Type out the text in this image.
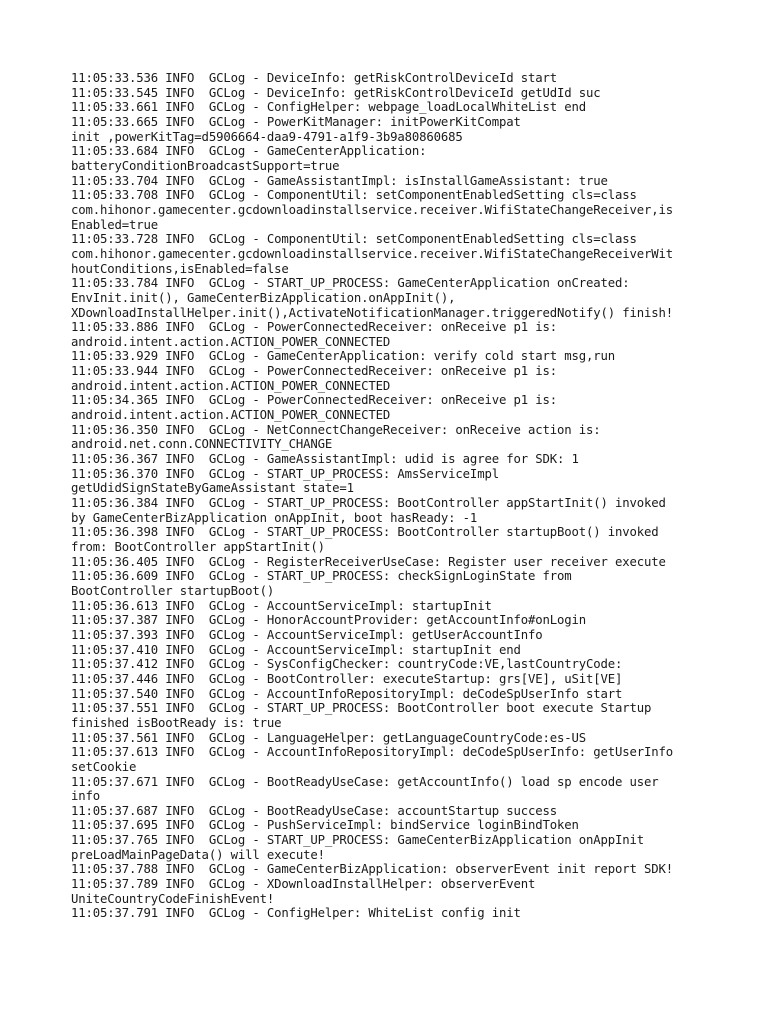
11:05:33.536 INFO  GCLog - DeviceInfo: getRiskControlDeviceId start
11:05:33.545 INFO  GCLog - DeviceInfo: getRiskControlDeviceId getUdId suc
11:05:33.661 INFO  GCLog - ConfigHelper: webpage_loadLocalWhiteList end
11:05:33.665 INFO  GCLog - PowerKitManager: initPowerKitCompat
init ,powerKitTag=d5906664-daa9-4791-a1f9-3b9a80860685
11:05:33.684 INFO  GCLog - GameCenterApplication:
batteryConditionBroadcastSupport=true
11:05:33.704 INFO  GCLog - GameAssistantImpl: isInstallGameAssistant: true
11:05:33.708 INFO  GCLog - ComponentUtil: setComponentEnabledSetting cls=class
com.hihonor.gamecenter.gcdownloadinstallservice.receiver.WifiStateChangeReceiver,is
Enabled=true
11:05:33.728 INFO  GCLog - ComponentUtil: setComponentEnabledSetting cls=class
com.hihonor.gamecenter.gcdownloadinstallservice.receiver.WifiStateChangeReceiverWit
houtConditions,isEnabled=false
11:05:33.784 INFO  GCLog - START_UP_PROCESS: GameCenterApplication onCreated:
EnvInit.init(), GameCenterBizApplication.onAppInit(),
XDownloadInstallHelper.init(),ActivateNotificationManager.triggeredNotify() finish!
11:05:33.886 INFO  GCLog - PowerConnectedReceiver: onReceive p1 is:
android.intent.action.ACTION_POWER_CONNECTED
11:05:33.929 INFO  GCLog - GameCenterApplication: verify cold start msg,run
11:05:33.944 INFO  GCLog - PowerConnectedReceiver: onReceive p1 is:
android.intent.action.ACTION_POWER_CONNECTED
11:05:34.365 INFO  GCLog - PowerConnectedReceiver: onReceive p1 is:
android.intent.action.ACTION_POWER_CONNECTED
11:05:36.350 INFO  GCLog - NetConnectChangeReceiver: onReceive action is:
android.net.conn.CONNECTIVITY_CHANGE
11:05:36.367 INFO  GCLog - GameAssistantImpl: udid is agree for SDK: 1
11:05:36.370 INFO  GCLog - START_UP_PROCESS: AmsServiceImpl
getUdidSignStateByGameAssistant state=1
11:05:36.384 INFO  GCLog - START_UP_PROCESS: BootController appStartInit() invoked
by GameCenterBizApplication onAppInit, boot hasReady: -1
11:05:36.398 INFO  GCLog - START_UP_PROCESS: BootController startupBoot() invoked
from: BootController appStartInit()
11:05:36.405 INFO  GCLog - RegisterReceiverUseCase: Register user receiver execute
11:05:36.609 INFO  GCLog - START_UP_PROCESS: checkSignLoginState from
BootController startupBoot()
11:05:36.613 INFO  GCLog - AccountServiceImpl: startupInit
11:05:37.387 INFO  GCLog - HonorAccountProvider: getAccountInfo#onLogin
11:05:37.393 INFO  GCLog - AccountServiceImpl: getUserAccountInfo
11:05:37.410 INFO  GCLog - AccountServiceImpl: startupInit end
11:05:37.412 INFO  GCLog - SysConfigChecker: countryCode:VE,lastCountryCode:
11:05:37.446 INFO  GCLog - BootController: executeStartup: grs[VE], uSit[VE]
11:05:37.540 INFO  GCLog - AccountInfoRepositoryImpl: deCodeSpUserInfo start
11:05:37.551 INFO  GCLog - START_UP_PROCESS: BootController boot execute Startup
finished isBootReady is: true
11:05:37.561 INFO  GCLog - LanguageHelper: getLanguageCountryCode:es-US
11:05:37.613 INFO  GCLog - AccountInfoRepositoryImpl: deCodeSpUserInfo: getUserInfo
setCookie
11:05:37.671 INFO  GCLog - BootReadyUseCase: getAccountInfo() load sp encode user
info
11:05:37.687 INFO  GCLog - BootReadyUseCase: accountStartup success
11:05:37.695 INFO  GCLog - PushServiceImpl: bindService loginBindToken
11:05:37.765 INFO  GCLog - START_UP_PROCESS: GameCenterBizApplication onAppInit
preLoadMainPageData() will execute!
11:05:37.788 INFO  GCLog - GameCenterBizApplication: observerEvent init report SDK!
11:05:37.789 INFO  GCLog - XDownloadInstallHelper: observerEvent
UniteCountryCodeFinishEvent!
11:05:37.791 INFO  GCLog - ConfigHelper: WhiteList config init
